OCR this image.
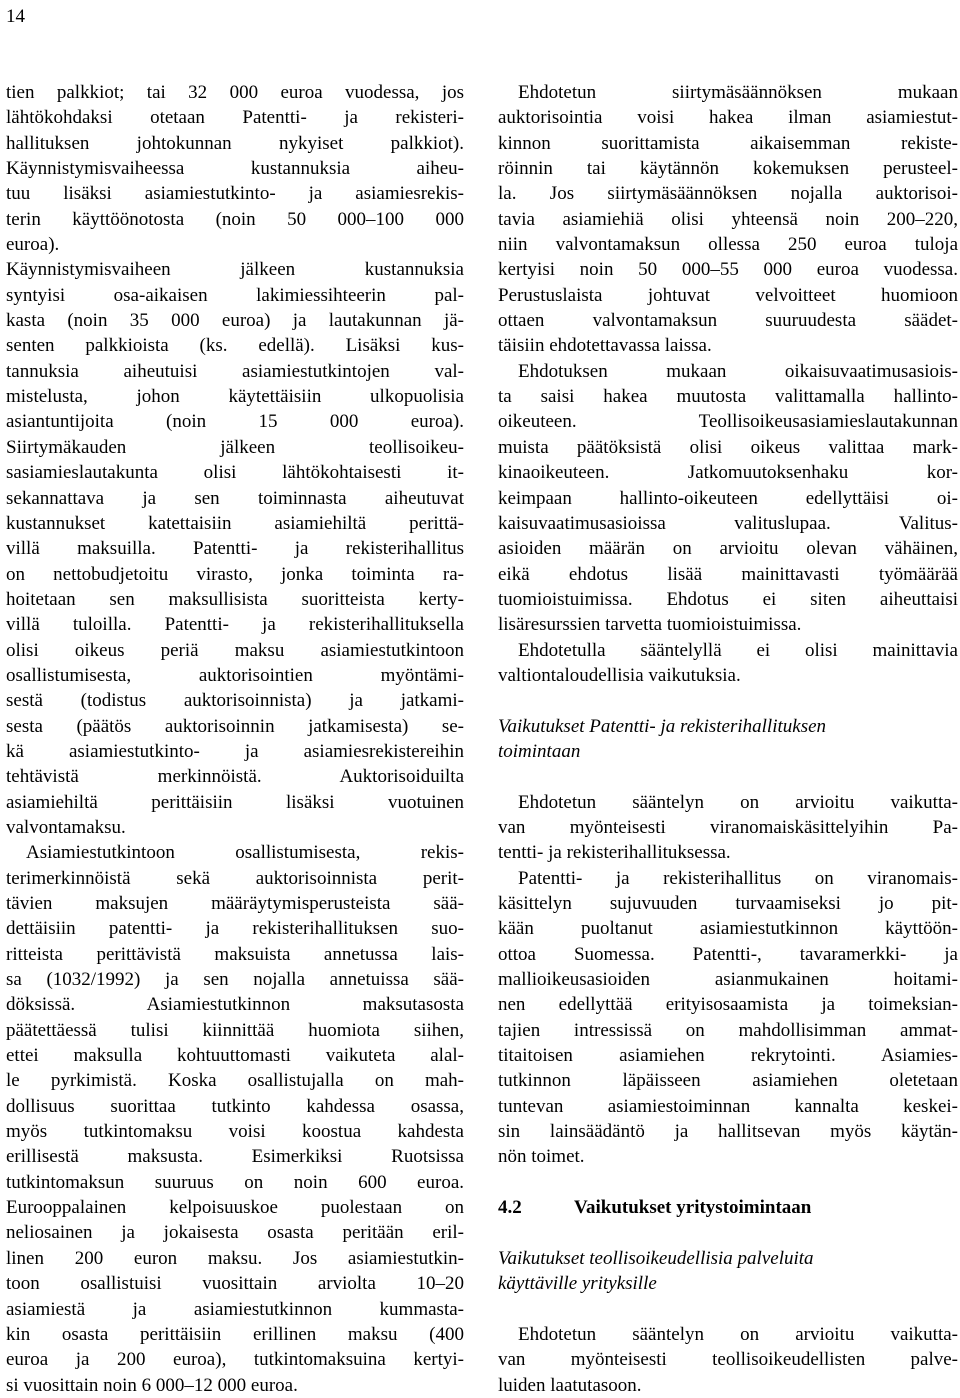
14
tien palkkiot; tai 32 000 euroa vuodessa, jos
lähtökohdaksi otetaan Patentti- ja rekisteri-
hallituksen johtokunnan nykyiset palkkiot).
Käynnistymisvaiheessa kustannuksia aiheu-
tuu lisäksi asiamiestutkinto- ja asiamiesrekis-
terin käyttöönotosta (noin 50 000–100 000
euroa).
Käynnistymisvaiheen jälkeen kustannuksia
syntyisi osa-aikaisen lakimiessihteerin pal-
kasta (noin 35 000 euroa) ja lautakunnan jä-
senten palkkioista (ks. edellä). Lisäksi kus-
tannuksia aiheutuisi asiamiestutkintojen val-
mistelusta, johon käytettäisiin ulkopuolisia
asiantuntijoita (noin 15 000 euroa).
Siirtymäkauden jälkeen teollisoikeu-
sasiamieslautakunta olisi lähtökohtaisesti it-
sekannattava ja sen toiminnasta aiheutuvat
kustannukset katettaisiin asiamiehiltä perittä-
villä maksuilla. Patentti- ja rekisterihallitus
on nettobudjetoitu virasto, jonka toiminta ra-
hoitetaan sen maksullisista suoritteista kerty-
villä tuloilla. Patentti- ja rekisterihallituksella
olisi oikeus periä maksu asiamiestutkintoon
osallistumisesta, auktorisointien myöntämi-
sestä (todistus auktorisoinnista) ja jatkami-
sesta (päätös auktorisoinnin jatkamisesta) se-
kä asiamiestutkinto- ja asiamiesrekistereihin
tehtävistä merkinnöistä. Auktorisoiduilta
asiamiehiltä perittäisiin lisäksi vuotuinen
valvontamaksu.
Asiamiestutkintoon osallistumisesta, rekis-
terimerkinnöistä sekä auktorisoinnista perit-
tävien maksujen määräytymisperusteista sää-
dettäisiin patentti- ja rekisterihallituksen suo-
ritteista perittävistä maksuista annetussa lais-
sa (1032/1992) ja sen nojalla annetuissa sää-
döksissä. Asiamiestutkinnon maksutasosta
päätettäessä tulisi kiinnittää huomiota siihen,
ettei maksulla kohtuuttomasti vaikuteta alal-
le pyrkimistä. Koska osallistujalla on mah-
dollisuus suorittaa tutkinto kahdessa osassa,
myös tutkintomaksu voisi koostua kahdesta
erillisestä maksusta. Esimerkiksi Ruotsissa
tutkintomaksun suuruus on noin 600 euroa.
Eurooppalainen kelpoisuuskoe puolestaan on
neliosainen ja jokaisesta osasta peritään eril-
linen 200 euron maksu. Jos asiamiestutkin-
toon osallistuisi vuosittain arviolta 10–20
asiamiestä ja asiamiestutkinnon kummasta-
kin osasta perittäisiin erillinen maksu (400
euroa ja 200 euroa), tutkintomaksuina kertyi-
si vuosittain noin 6 000–12 000 euroa.
Ehdotetun siirtymäsäännöksen mukaan
auktorisointia voisi hakea ilman asiamiestut-
kinnon suorittamista aikaisemman rekiste-
röinnin tai käytännön kokemuksen perusteel-
la. Jos siirtymäsäännöksen nojalla auktorisoi-
tavia asiamiehiä olisi yhteensä noin 200–220,
niin valvontamaksun ollessa 250 euroa tuloja
kertyisi noin 50 000–55 000 euroa vuodessa.
Perustuslaista johtuvat velvoitteet huomioon
ottaen valvontamaksun suuruudesta säädet-
täisiin ehdotettavassa laissa.
Ehdotuksen mukaan oikaisuvaatimusasiois-
ta saisi hakea muutosta valittamalla hallinto-
oikeuteen. Teollisoikeusasiamieslautakunnan
muista päätöksistä olisi oikeus valittaa mark-
kinaoikeuteen. Jatkomuutoksenhaku kor-
keimpaan hallinto-oikeuteen edellyttäisi oi-
kaisuvaatimusasioissa valituslupaa. Valitus-
asioiden määrän on arvioitu olevan vähäinen,
eikä ehdotus lisää mainittavasti työmäärää
tuomioistuimissa. Ehdotus ei siten aiheuttaisi
lisäresurssien tarvetta tuomioistuimissa.
Ehdotetulla sääntelyllä ei olisi mainittavia
valtiontaloudellisia vaikutuksia.
Vaikutukset Patentti- ja rekisterihallituksen
toimintaan
Ehdotetun sääntelyn on arvioitu vaikutta-
van myönteisesti viranomaiskäsittelyihin Pa-
tentti- ja rekisterihallituksessa.
Patentti- ja rekisterihallitus on viranomais-
käsittelyn sujuvuuden turvaamiseksi jo pit-
kään puoltanut asiamiestutkinnon käyttöön-
ottoa Suomessa. Patentti-, tavaramerkki- ja
mallioikeusasioiden asianmukainen hoitami-
nen edellyttää erityisosaamista ja toimeksian-
tajien intressissä on mahdollisimman ammat-
titaitoisen asiamiehen rekrytointi. Asiamies-
tutkinnon läpäisseen asiamiehen oletetaan
tuntevan asiamiestoiminnan kannalta keskei-
sin lainsäädäntö ja hallitsevan myös käytän-
nön toimet.
4.2	Vaikutukset yritystoimintaan
Vaikutukset teollisoikeudellisia palveluita
käyttäville yrityksille
Ehdotetun sääntelyn on arvioitu vaikutta-
van myönteisesti teollisoikeudellisten palve-
luiden laatutasoon.
